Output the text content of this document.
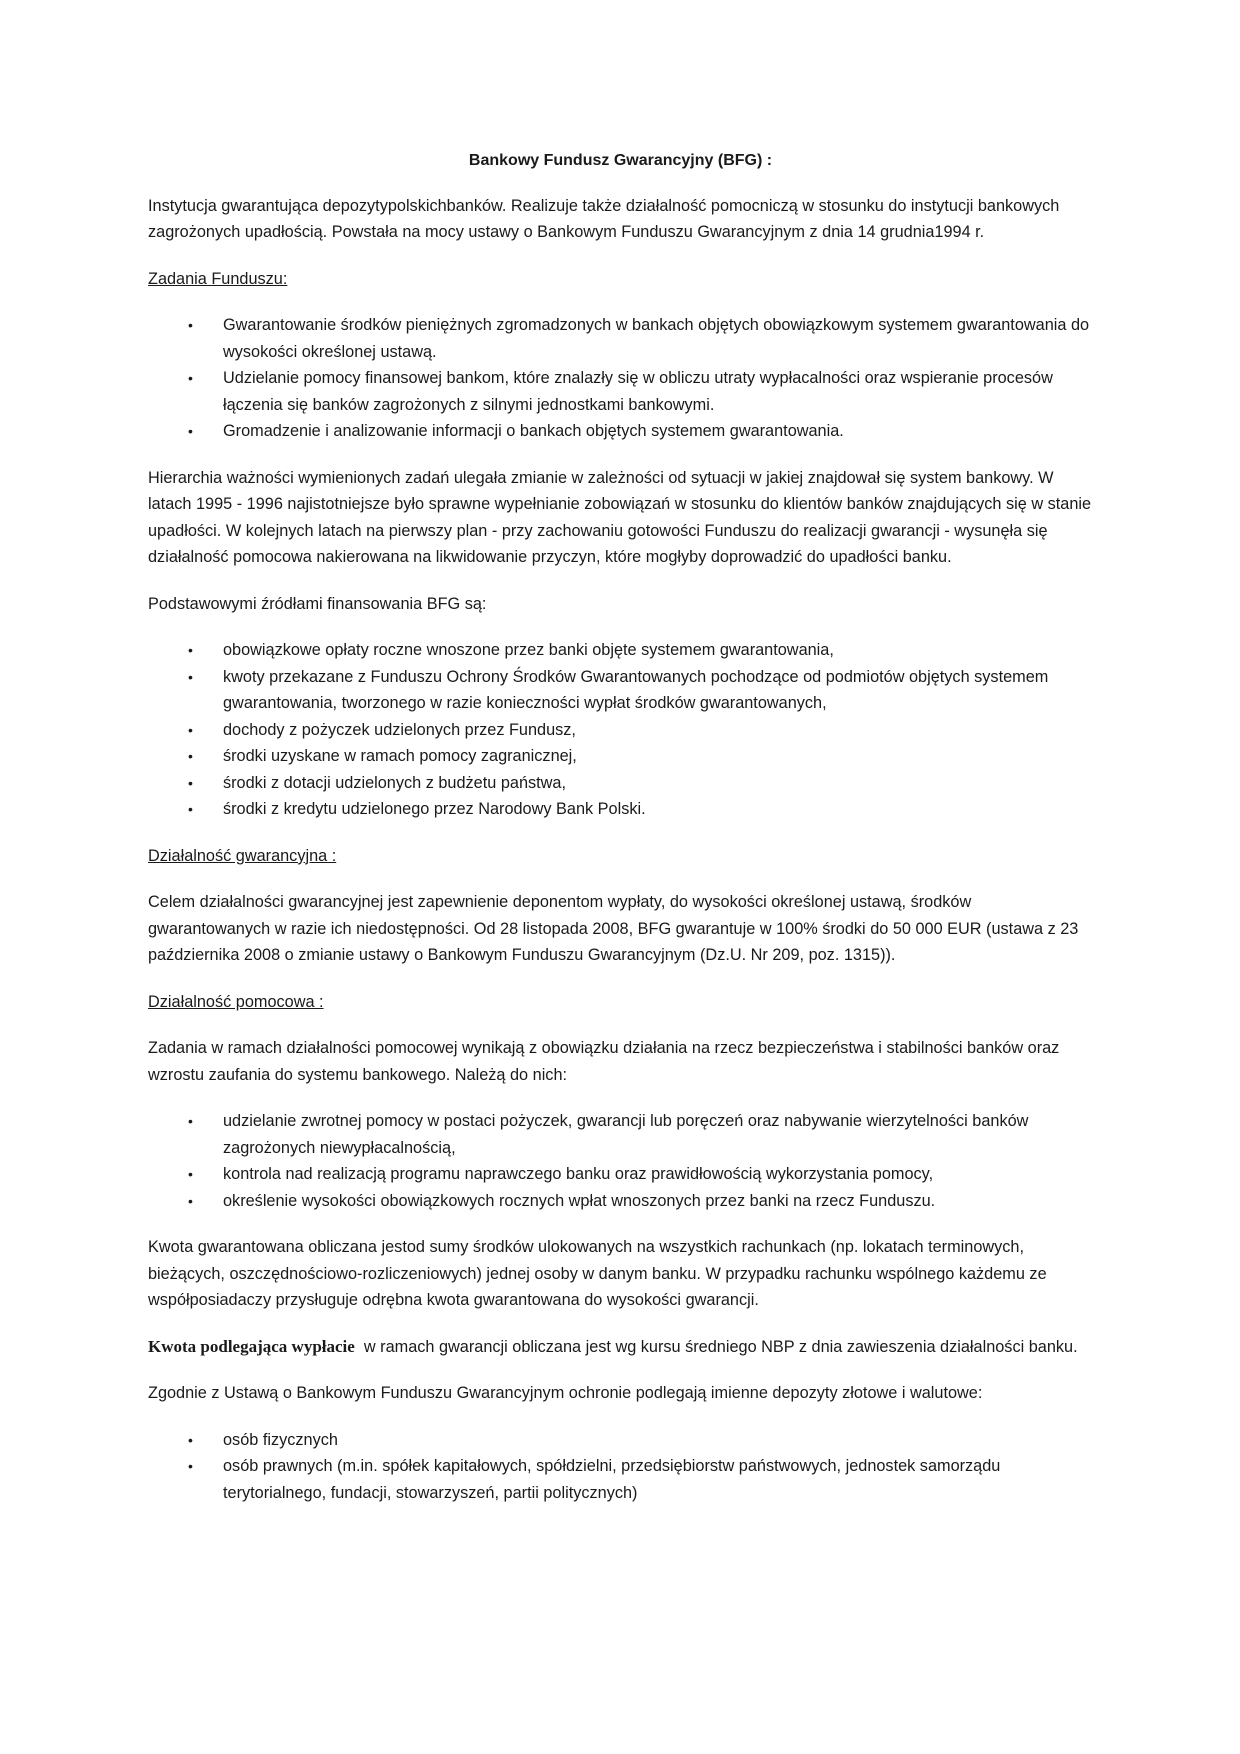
Bankowy Fundusz Gwarancyjny (BFG) :

Instytucja gwarantująca depozytypolskichbanków. Realizuje także działalność pomocniczą w stosunku do instytucji bankowych zagrożonych upadłością. Powstała na mocy ustawy o Bankowym Funduszu Gwarancyjnym z dnia 14 grudnia1994 r.

Zadania Funduszu:
• Gwarantowanie środków pieniężnych zgromadzonych w bankach objętych obowiązkowym systemem gwarantowania do wysokości określonej ustawą.
• Udzielanie pomocy finansowej bankom, które znalazły się w obliczu utraty wypłacalności oraz wspieranie procesów łączenia się banków zagrożonych z silnymi jednostkami bankowymi.
• Gromadzenie i analizowanie informacji o bankach objętych systemem gwarantowania.

Hierarchia ważności wymienionych zadań ulegała zmianie w zależności od sytuacji w jakiej znajdował się system bankowy. W latach 1995 - 1996 najistotniejsze było sprawne wypełnianie zobowiązań w stosunku do klientów banków znajdujących się w stanie upadłości. W kolejnych latach na pierwszy plan - przy zachowaniu gotowości Funduszu do realizacji gwarancji - wysunęła się działalność pomocowa nakierowana na likwidowanie przyczyn, które mogłyby doprowadzić do upadłości banku.

Podstawowymi źródłami finansowania BFG są:

• obowiązkowe opłaty roczne wnoszone przez banki objęte systemem gwarantowania,
• kwoty przekazane z Funduszu Ochrony Środków Gwarantowanych pochodzące od podmiotów objętych systemem gwarantowania, tworzonego w razie konieczności wypłat środków gwarantowanych,
• dochody z pożyczek udzielonych przez Fundusz,
• środki uzyskane w ramach pomocy zagranicznej,
• środki z dotacji udzielonych z budżetu państwa,
• środki z kredytu udzielonego przez Narodowy Bank Polski.
Działalność gwarancyjna :

Celem działalności gwarancyjnej jest zapewnienie deponentom wypłaty, do wysokości określonej ustawą, środków gwarantowanych w razie ich niedostępności. Od 28 listopada 2008, BFG gwarantuje w 100% środki do 50 000 EUR (ustawa z 23 października 2008 o zmianie ustawy o Bankowym Funduszu Gwarancyjnym (Dz.U. Nr 209, poz. 1315)).

Działalność pomocowa :

Zadania w ramach działalności pomocowej wynikają z obowiązku działania na rzecz bezpieczeństwa i stabilności banków oraz wzrostu zaufania do systemu bankowego. Należą do nich:

• udzielanie zwrotnej pomocy w postaci pożyczek, gwarancji lub poręczeń oraz nabywanie wierzytelności banków zagrożonych niewypłacalnością,
• kontrola nad realizacją programu naprawczego banku oraz prawidłowością wykorzystania pomocy,
• określenie wysokości obowiązkowych rocznych wpłat wnoszonych przez banki na rzecz Funduszu.

Kwota gwarantowana obliczana jestod sumy środków ulokowanych na wszystkich rachunkach (np. lokatach terminowych, bieżących, oszczędnościowo-rozliczeniowych) jednej osoby w danym banku. W przypadku rachunku wspólnego każdemu ze współposiadaczy przysługuje odrębna kwota gwarantowana do wysokości gwarancji.

Kwota podlegająca wypłacie  w ramach gwarancji obliczana jest wg kursu średniego NBP z dnia zawieszenia działalności banku.

Zgodnie z Ustawą o Bankowym Funduszu Gwarancyjnym ochronie podlegają imienne depozyty złotowe i walutowe:

• osób fizycznych
• osób prawnych (m.in. spółek kapitałowych, spółdzielni, przedsiębiorstw państwowych, jednostek samorządu terytorialnego, fundacji, stowarzyszeń, partii politycznych)
